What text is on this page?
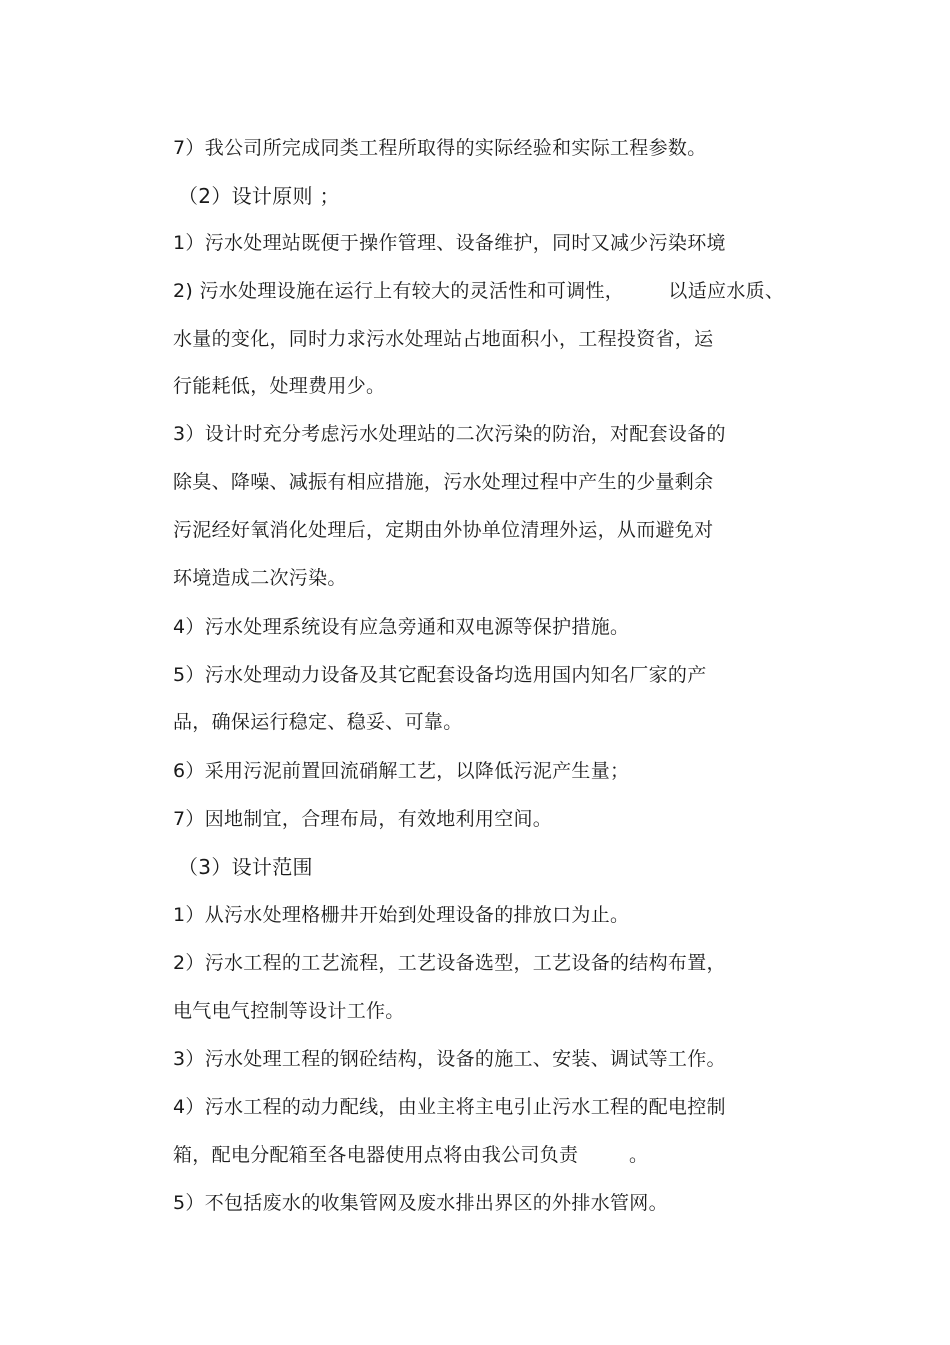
7）我公司所完成同类工程所取得的实际经验和实际工程参数。
（2）设计原则 ；
1）污水处理站既便于操作管理、设备维护，同时又减少污染环境
2) 污水处理设施在运行上有较大的灵活性和可调性，       以适应水质、
水量的变化，同时力求污水处理站占地面积小，工程投资省，运
行能耗低，处理费用少。
3）设计时充分考虑污水处理站的二次污染的防治，对配套设备的
除臭、降噪、减振有相应措施，污水处理过程中产生的少量剩余
污泥经好氧消化处理后，定期由外协单位清理外运，从而避免对
环境造成二次污染。
4）污水处理系统设有应急旁通和双电源等保护措施。
5）污水处理动力设备及其它配套设备均选用国内知名厂家的产
品，确保运行稳定、稳妥、可靠。
6）采用污泥前置回流硝解工艺，以降低污泥产生量；
7）因地制宜，合理布局，有效地利用空间。
（3）设计范围
1）从污水处理格栅井开始到处理设备的排放口为止。
2）污水工程的工艺流程，工艺设备选型，工艺设备的结构布置，
电气电气控制等设计工作。
3）污水处理工程的钢砼结构，设备的施工、安装、调试等工作。
4）污水工程的动力配线，由业主将主电引止污水工程的配电控制
箱，配电分配箱至各电器使用点将由我公司负责        。
5）不包括废水的收集管网及废水排出界区的外排水管网。
